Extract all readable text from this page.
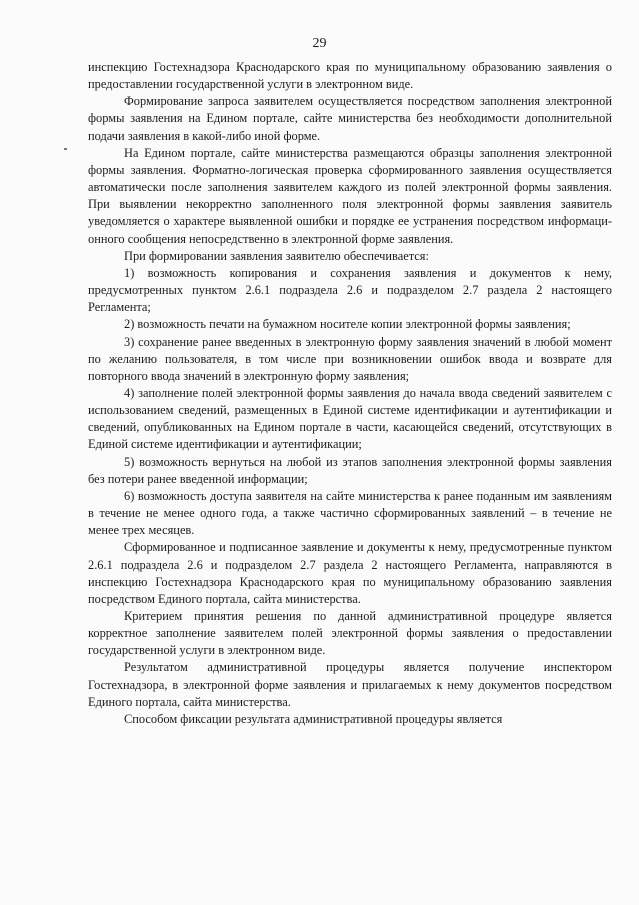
29

инспекцию Гостехнадзора Краснодарского края по муниципальному образованию заявления о предоставлении государственной услуги в электронном виде.

Формирование запроса заявителем осуществляется посредством заполнения электронной формы заявления на Едином портале, сайте министерства без необходимости дополнительной подачи заявления в какой-либо иной форме.

На Едином портале, сайте министерства размещаются образцы заполнения электронной формы заявления. Форматно-логическая проверка сформированного заявления осуществляется автоматически после заполнения заявителем каждого из полей электронной формы заявления. При выявлении некорректно заполненного поля электронной формы заявления заявитель уведомляется о характере выявленной ошибки и порядке ее устранения посредством информационного сообщения непосредственно в электронной форме заявления.

При формировании заявления заявителю обеспечивается:

1) возможность копирования и сохранения заявления и документов к нему, предусмотренных пунктом 2.6.1 подраздела 2.6 и подразделом 2.7 раздела 2 настоящего Регламента;

2) возможность печати на бумажном носителе копии электронной формы заявления;

3) сохранение ранее введенных в электронную форму заявления значений в любой момент по желанию пользователя, в том числе при возникновении ошибок ввода и возврате для повторного ввода значений в электронную форму заявления;

4) заполнение полей электронной формы заявления до начала ввода сведений заявителем с использованием сведений, размещенных в Единой системе идентификации и аутентификации и сведений, опубликованных на Едином портале в части, касающейся сведений, отсутствующих в Единой системе идентификации и аутентификации;

5) возможность вернуться на любой из этапов заполнения электронной формы заявления без потери ранее введенной информации;

6) возможность доступа заявителя на сайте министерства к ранее поданным им заявлениям в течение не менее одного года, а также частично сформированных заявлений – в течение не менее трех месяцев.

Сформированное и подписанное заявление и документы к нему, предусмотренные пунктом 2.6.1 подраздела 2.6 и подразделом 2.7 раздела 2 настоящего Регламента, направляются в инспекцию Гостехнадзора Краснодарского края по муниципальному образованию заявления посредством Единого портала, сайта министерства.

Критерием принятия решения по данной административной процедуре является корректное заполнение заявителем полей электронной формы заявления о предоставлении государственной услуги в электронном виде.

Результатом административной процедуры является получение инспектором Гостехнадзора, в электронной форме заявления и прилагаемых к нему документов посредством Единого портала, сайта министерства.

Способом фиксации результата административной процедуры является
